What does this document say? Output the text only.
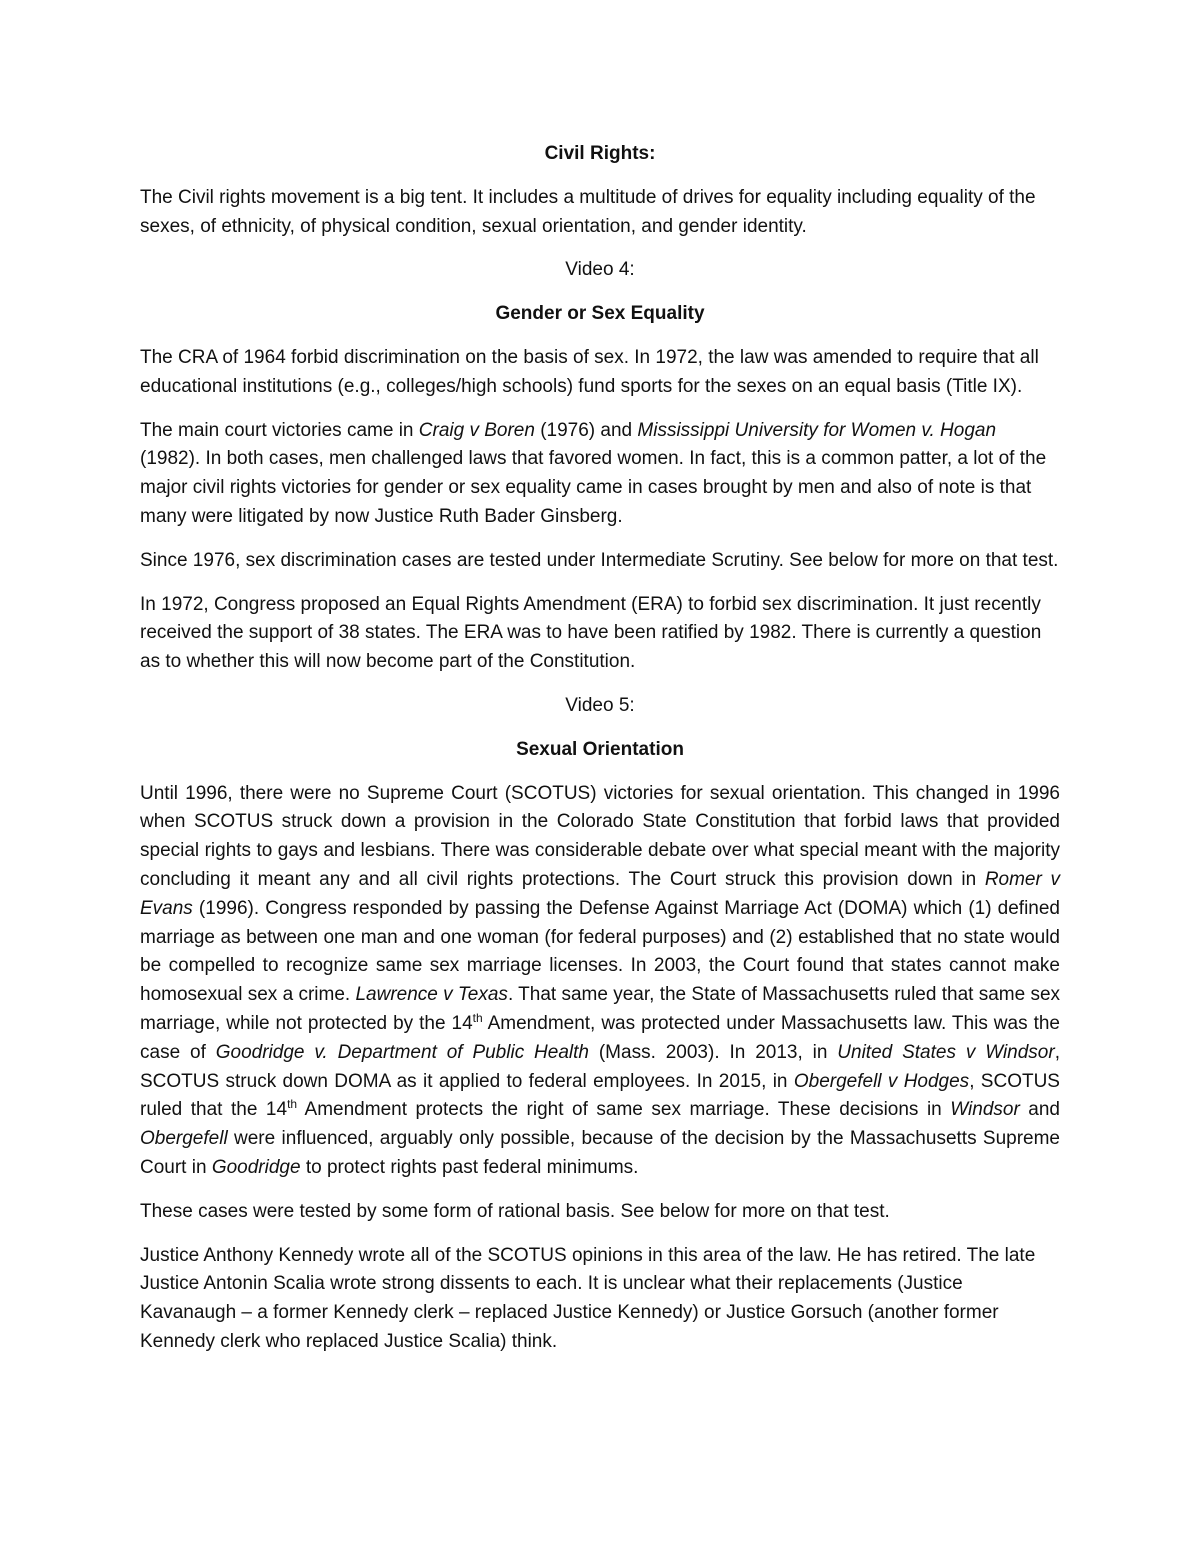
Civil Rights:

The Civil rights movement is a big tent. It includes a multitude of drives for equality including equality of the sexes, of ethnicity, of physical condition, sexual orientation, and gender identity.

Video 4:
Gender or Sex Equality

The CRA of 1964 forbid discrimination on the basis of sex. In 1972, the law was amended to require that all educational institutions (e.g., colleges/high schools) fund sports for the sexes on an equal basis (Title IX).

The main court victories came in Craig v Boren (1976) and Mississippi University for Women v. Hogan (1982). In both cases, men challenged laws that favored women. In fact, this is a common patter, a lot of the major civil rights victories for gender or sex equality came in cases brought by men and also of note is that many were litigated by now Justice Ruth Bader Ginsberg.

Since 1976, sex discrimination cases are tested under Intermediate Scrutiny. See below for more on that test.

In 1972, Congress proposed an Equal Rights Amendment (ERA) to forbid sex discrimination. It just recently received the support of 38 states. The ERA was to have been ratified by 1982. There is currently a question as to whether this will now become part of the Constitution.

Video 5:
Sexual Orientation

Until 1996, there were no Supreme Court (SCOTUS) victories for sexual orientation. This changed in 1996 when SCOTUS struck down a provision in the Colorado State Constitution that forbid laws that provided special rights to gays and lesbians. There was considerable debate over what special meant with the majority concluding it meant any and all civil rights protections. The Court struck this provision down in Romer v Evans (1996). Congress responded by passing the Defense Against Marriage Act (DOMA) which (1) defined marriage as between one man and one woman (for federal purposes) and (2) established that no state would be compelled to recognize same sex marriage licenses. In 2003, the Court found that states cannot make homosexual sex a crime. Lawrence v Texas. That same year, the State of Massachusetts ruled that same sex marriage, while not protected by the 14th Amendment, was protected under Massachusetts law. This was the case of Goodridge v. Department of Public Health (Mass. 2003). In 2013, in United States v Windsor, SCOTUS struck down DOMA as it applied to federal employees. In 2015, in Obergefell v Hodges, SCOTUS ruled that the 14th Amendment protects the right of same sex marriage. These decisions in Windsor and Obergefell were influenced, arguably only possible, because of the decision by the Massachusetts Supreme Court in Goodridge to protect rights past federal minimums.

These cases were tested by some form of rational basis. See below for more on that test.

Justice Anthony Kennedy wrote all of the SCOTUS opinions in this area of the law. He has retired. The late Justice Antonin Scalia wrote strong dissents to each. It is unclear what their replacements (Justice Kavanaugh – a former Kennedy clerk – replaced Justice Kennedy) or Justice Gorsuch (another former Kennedy clerk who replaced Justice Scalia) think.
